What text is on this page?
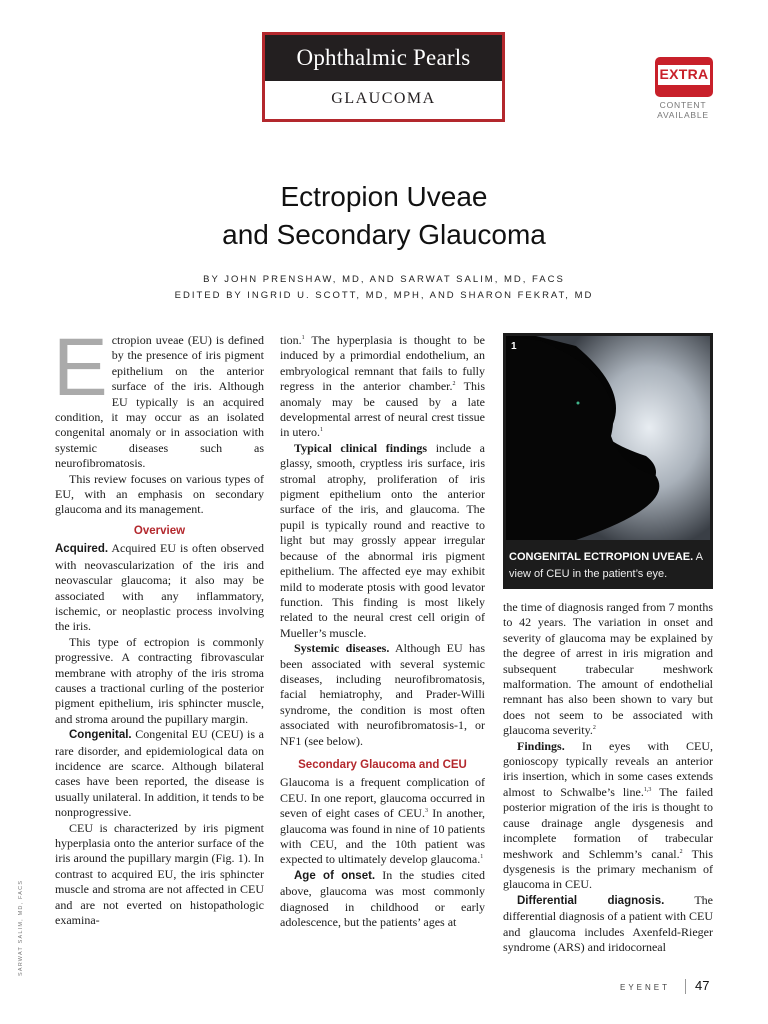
Ophthalmic Pearls
GLAUCOMA
EXTRA
CONTENT
AVAILABLE
Ectropion Uveae
and Secondary Glaucoma
BY JOHN PRENSHAW, MD, AND SARWAT SALIM, MD, FACS
EDITED BY INGRID U. SCOTT, MD, MPH, AND SHARON FEKRAT, MD

Ectropion uveae (EU) is defined by the presence of iris pigment epithelium on the anterior surface of the iris. Although EU typically is an acquired condition, it may occur as an isolated congenital anomaly or in association with systemic diseases such as neurofibromatosis.

This review focuses on various types of EU, with an emphasis on secondary glaucoma and its management.

Overview

Acquired. Acquired EU is often observed with neovascularization of the iris and neovascular glaucoma; it also may be associated with any inflammatory, ischemic, or neoplastic process involving the iris.

This type of ectropion is commonly progressive. A contracting fibrovascular membrane with atrophy of the iris stroma causes a tractional curling of the posterior pigment epithelium, iris sphincter muscle, and stroma around the pupillary margin.

Congenital. Congenital EU (CEU) is a rare disorder, and epidemiological data on incidence are scarce. Although bilateral cases have been reported, the disease is usually unilateral. In addition, it tends to be nonprogressive.

CEU is characterized by iris pigment hyperplasia onto the anterior surface of the iris around the pupillary margin (Fig. 1). In contrast to acquired EU, the iris sphincter muscle and stroma are not affected in CEU and are not everted on histopathologic examina-

tion.$^1$ The hyperplasia is thought to be induced by a primordial endothelium, an embryological remnant that fails to fully regress in the anterior chamber.$^2$ This anomaly may be caused by a late developmental arrest of neural crest tissue in utero.$^1$

Typical clinical findings include a glassy, smooth, cryptless iris surface, iris stromal atrophy, proliferation of iris pigment epithelium onto the anterior surface of the iris, and glaucoma. The pupil is typically round and reactive to light but may grossly appear irregular because of the abnormal iris pigment epithelium. The affected eye may exhibit mild to moderate ptosis with good levator function. This finding is most likely related to the neural crest cell origin of Mueller’s muscle.

Systemic diseases. Although EU has been associated with several systemic diseases, including neurofibromatosis, facial hemiatrophy, and Prader-Willi syndrome, the condition is most often associated with neurofibromatosis-1, or NF1 (see below).

Secondary Glaucoma and CEU

Glaucoma is a frequent complication of CEU. In one report, glaucoma occurred in seven of eight cases of CEU.$^3$ In another, glaucoma was found in nine of 10 patients with CEU, and the 10th patient was expected to ultimately develop glaucoma.$^1$

Age of onset. In the studies cited above, glaucoma was most commonly diagnosed in childhood or early adolescence, but the patients’ ages at

1
CONGENITAL ECTROPION UVEAE. A view of CEU in the patient’s eye.

the time of diagnosis ranged from 7 months to 42 years. The variation in onset and severity of glaucoma may be explained by the degree of arrest in iris migration and subsequent trabecular meshwork malformation. The amount of endothelial remnant has also been shown to vary but does not seem to be associated with glaucoma severity.$^2$

Findings. In eyes with CEU, gonioscopy typically reveals an anterior iris insertion, which in some cases extends almost to Schwalbe’s line.$^{1,3}$ The failed posterior migration of the iris is thought to cause drainage angle dysgenesis and incomplete formation of trabecular meshwork and Schlemm’s canal.$^2$ This dysgenesis is the primary mechanism of glaucoma in CEU.

Differential diagnosis. The differential diagnosis of a patient with CEU and glaucoma includes Axenfeld-Rieger syndrome (ARS) and iridocorneal

SARWAT SALIM, MD, FACS
EYENET 47
